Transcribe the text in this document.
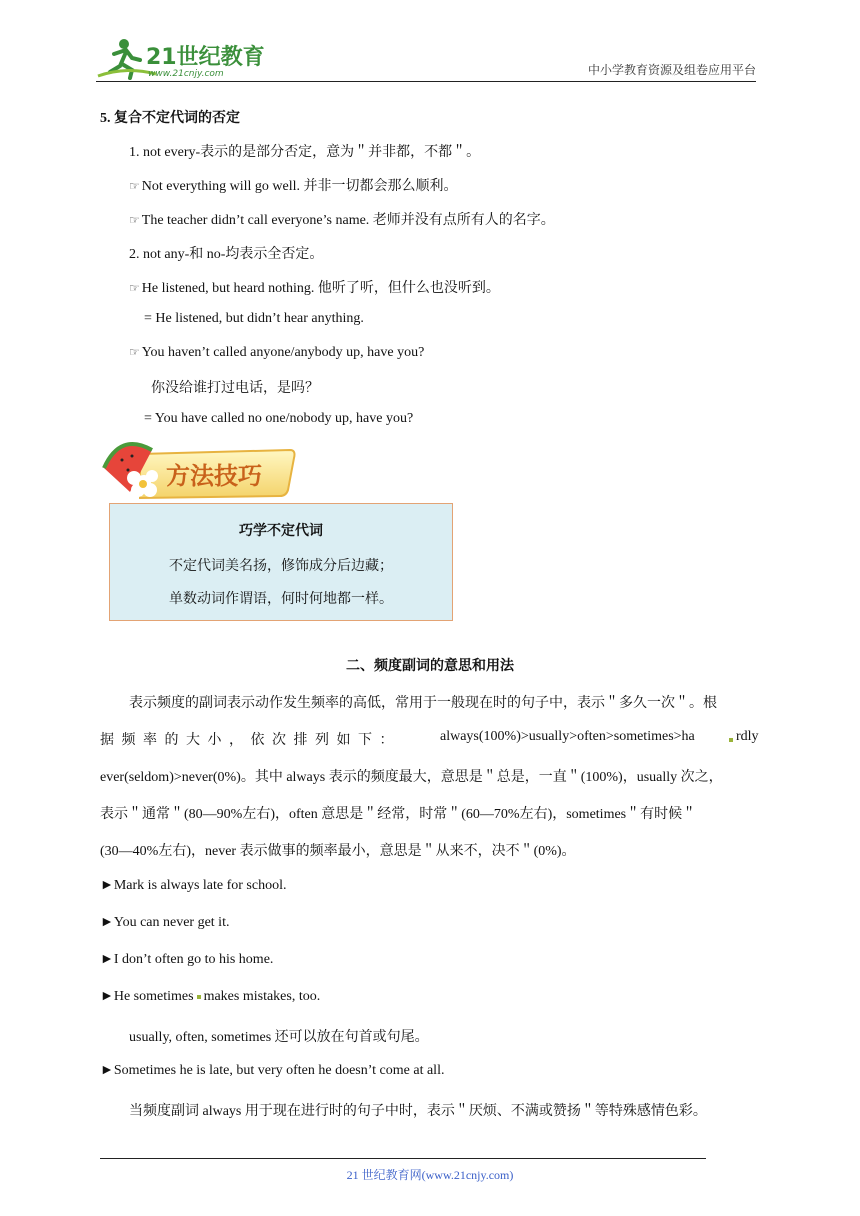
21世纪教育
www.21cnjy.com	中小学教育资源及组卷应用平台
5. 复合不定代词的否定
1. not every-表示的是部分否定，意为＂并非都，不都＂。
☞ Not everything will go well. 并非一切都会那么顺利。
☞ The teacher didn’t call everyone’s name. 老师并没有点所有人的名字。
2. not any-和 no-均表示全否定。
☞ He listened, but heard nothing. 他听了听，但什么也没听到。
= He listened, but didn’t hear anything.
☞ You haven’t called anyone/anybody up, have you?
你没给谁打过电话，是吗？
= You have called no one/nobody up, have you?
方法技巧
巧学不定代词
不定代词美名扬，修饰成分后边藏；
单数动词作谓语，何时何地都一样。
二、频度副词的意思和用法
表示频度的副词表示动作发生频率的高低，常用于一般现在时的句子中，表示＂多久一次＂。根
据 频 率 的 大 小 ， 依 次 排 列 如 下 ：	always(100%)>usually>often>sometimes>ha	rdly
ever(seldom)>never(0%)。其中 always 表示的频度最大，意思是＂总是，一直＂(100%)，usually 次之，
表示＂通常＂(80—90%左右)，often 意思是＂经常，时常＂(60—70%左右)，sometimes＂有时候＂
(30—40%左右)，never 表示做事的频率最小，意思是＂从来不，决不＂(0%)。
►Mark is always late for school.
►You can never get it.
►I don’t often go to his home.
►He sometimes makes mistakes, too.
usually, often, sometimes 还可以放在句首或句尾。
►Sometimes he is late, but very often he doesn’t come at all.
当频度副词 always 用于现在进行时的句子中时，表示＂厌烦、不满或赞扬＂等特殊感情色彩。
21 世纪教育网(www.21cnjy.com)
